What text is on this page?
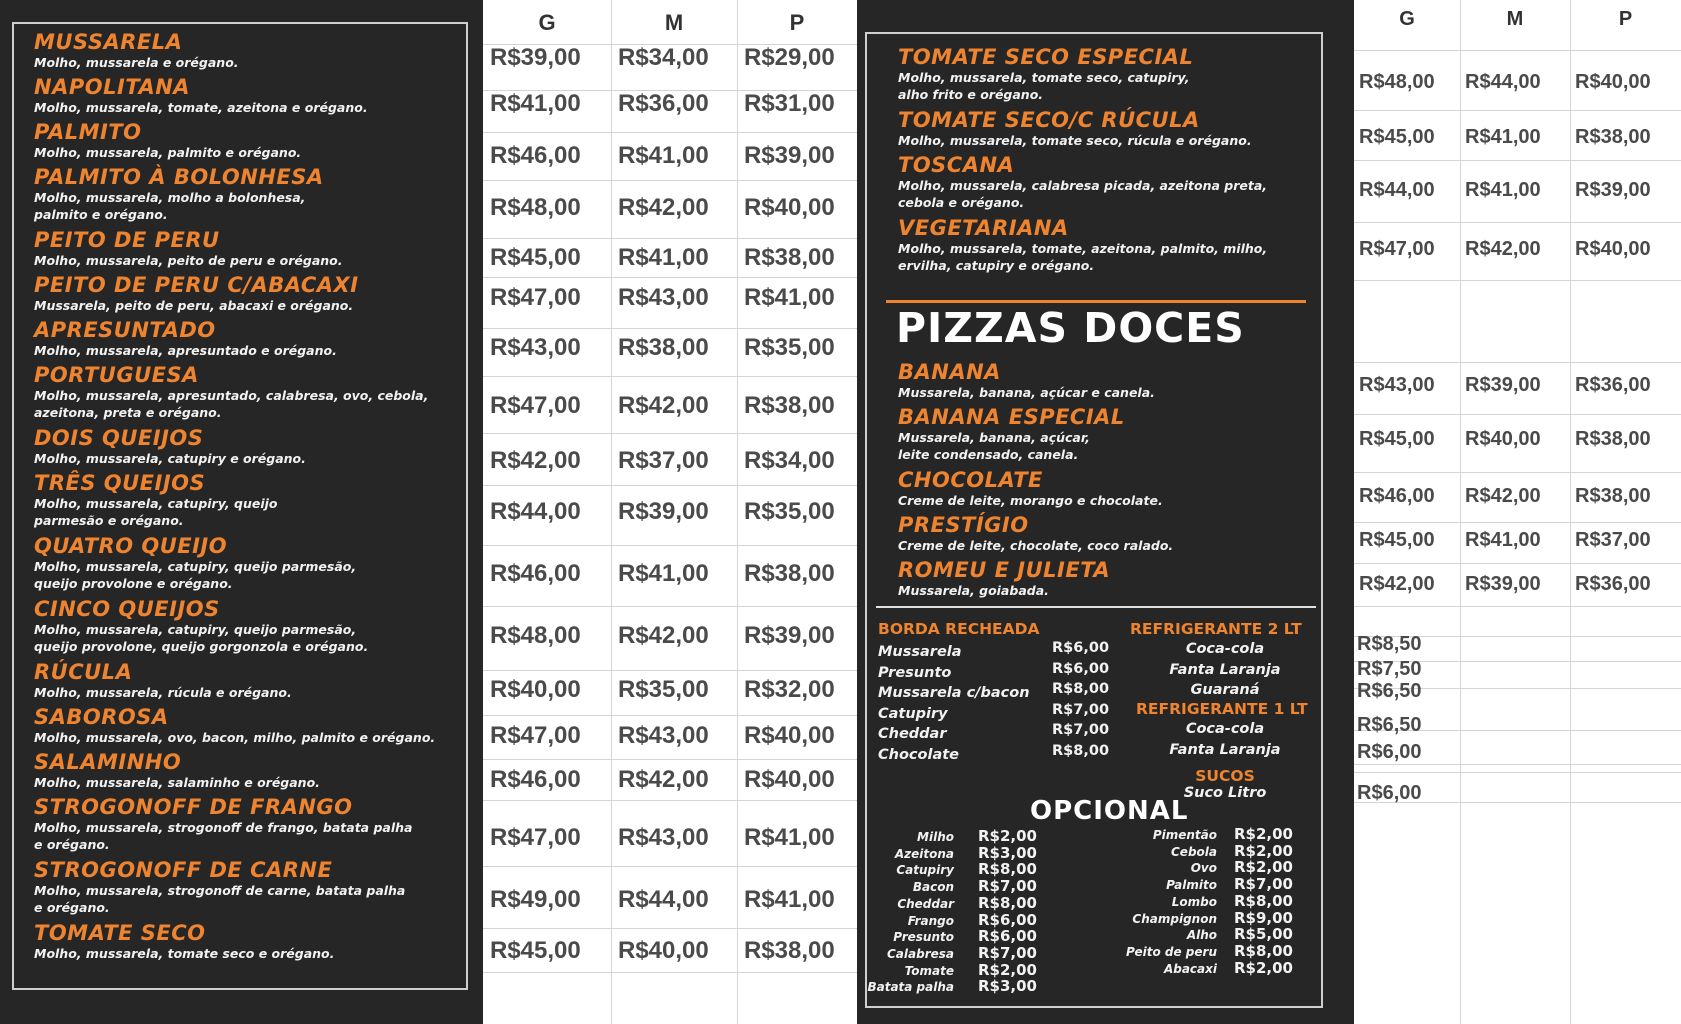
MUSSARELA
Molho, mussarela e orégano.
NAPOLITANA
Molho, mussarela, tomate, azeitona e orégano.
PALMITO
Molho, mussarela, palmito e orégano.
PALMITO À BOLONHESA
Molho, mussarela, molho a bolonhesa,
palmito e orégano.
PEITO DE PERU
Molho, mussarela, peito de peru e orégano.
PEITO DE PERU C/ABACAXI
Mussarela, peito de peru, abacaxi e orégano.
APRESUNTADO
Molho, mussarela, apresuntado e orégano.
PORTUGUESA
Molho, mussarela, apresuntado, calabresa, ovo, cebola,
azeitona, preta e orégano.
DOIS QUEIJOS
Molho, mussarela, catupiry e orégano.
TRÊS QUEIJOS
Molho, mussarela, catupiry, queijo
parmesão e orégano.
QUATRO QUEIJO
Molho, mussarela, catupiry, queijo parmesão,
queijo provolone e orégano.
CINCO QUEIJOS
Molho, mussarela, catupiry, queijo parmesão,
queijo provolone, queijo gorgonzola e orégano.
RÚCULA
Molho, mussarela, rúcula e orégano.
SABOROSA
Molho, mussarela, ovo, bacon, milho, palmito e orégano.
SALAMINHO
Molho, mussarela, salaminho e orégano.
STROGONOFF DE FRANGO
Molho, mussarela, strogonoff de frango, batata palha
e orégano.
STROGONOFF DE CARNE
Molho, mussarela, strogonoff de carne, batata palha
e orégano.
TOMATE SECO
Molho, mussarela, tomate seco e orégano.
G	M	P
R$39,00 R$34,00 R$29,00
R$41,00 R$36,00 R$31,00
R$46,00 R$41,00 R$39,00
R$48,00 R$42,00 R$40,00
R$45,00 R$41,00 R$38,00
R$47,00 R$43,00 R$41,00
R$43,00 R$38,00 R$35,00
R$47,00 R$42,00 R$38,00
R$42,00 R$37,00 R$34,00
R$44,00 R$39,00 R$35,00
R$46,00 R$41,00 R$38,00
R$48,00 R$42,00 R$39,00
R$40,00 R$35,00 R$32,00
R$47,00 R$43,00 R$40,00
R$46,00 R$42,00 R$40,00
R$47,00 R$43,00 R$41,00
R$49,00 R$44,00 R$41,00
R$45,00 R$40,00 R$38,00
TOMATE SECO ESPECIAL
Molho, mussarela, tomate seco, catupiry,
alho frito e orégano.
TOMATE SECO/C RÚCULA
Molho, mussarela, tomate seco, rúcula e orégano.
TOSCANA
Molho, mussarela, calabresa picada, azeitona preta,
cebola e orégano.
VEGETARIANA
Molho, mussarela, tomate, azeitona, palmito, milho,
ervilha, catupiry e orégano.
PIZZAS DOCES
BANANA
Mussarela, banana, açúcar e canela.
BANANA ESPECIAL
Mussarela, banana, açúcar,
leite condensado, canela.
CHOCOLATE
Creme de leite, morango e chocolate.
PRESTÍGIO
Creme de leite, chocolate, coco ralado.
ROMEU E JULIETA
Mussarela, goiabada.
BORDA RECHEADA
Mussarela	R$6,00
Presunto	R$6,00
Mussarela c/bacon R$8,00
Catupiry	R$7,00
Cheddar	R$7,00
Chocolate	R$8,00
REFRIGERANTE 2 LT
Coca-cola
Fanta Laranja
Guaraná
REFRIGERANTE 1 LT
Coca-cola
Fanta Laranja
SUCOS
Suco Litro
OPCIONAL
Milho R$2,00
Azeitona R$3,00
Catupiry R$8,00
Bacon R$7,00
Cheddar R$8,00
Frango R$6,00
Presunto R$6,00
Calabresa R$7,00
Tomate R$2,00
Batata palha R$3,00
Pimentão R$2,00
Cebola R$2,00
Ovo R$2,00
Palmito R$7,00
Lombo R$8,00
Champignon R$9,00
Alho R$5,00
Peito de peru R$8,00
Abacaxi R$2,00
G	M	P
R$48,00 R$44,00 R$40,00
R$45,00 R$41,00 R$38,00
R$44,00 R$41,00 R$39,00
R$47,00 R$42,00 R$40,00
R$43,00 R$39,00 R$36,00
R$45,00 R$40,00 R$38,00
R$46,00 R$42,00 R$38,00
R$45,00 R$41,00 R$37,00
R$42,00 R$39,00 R$36,00
R$8,50
R$7,50
R$6,50
R$6,50
R$6,00
R$6,00
